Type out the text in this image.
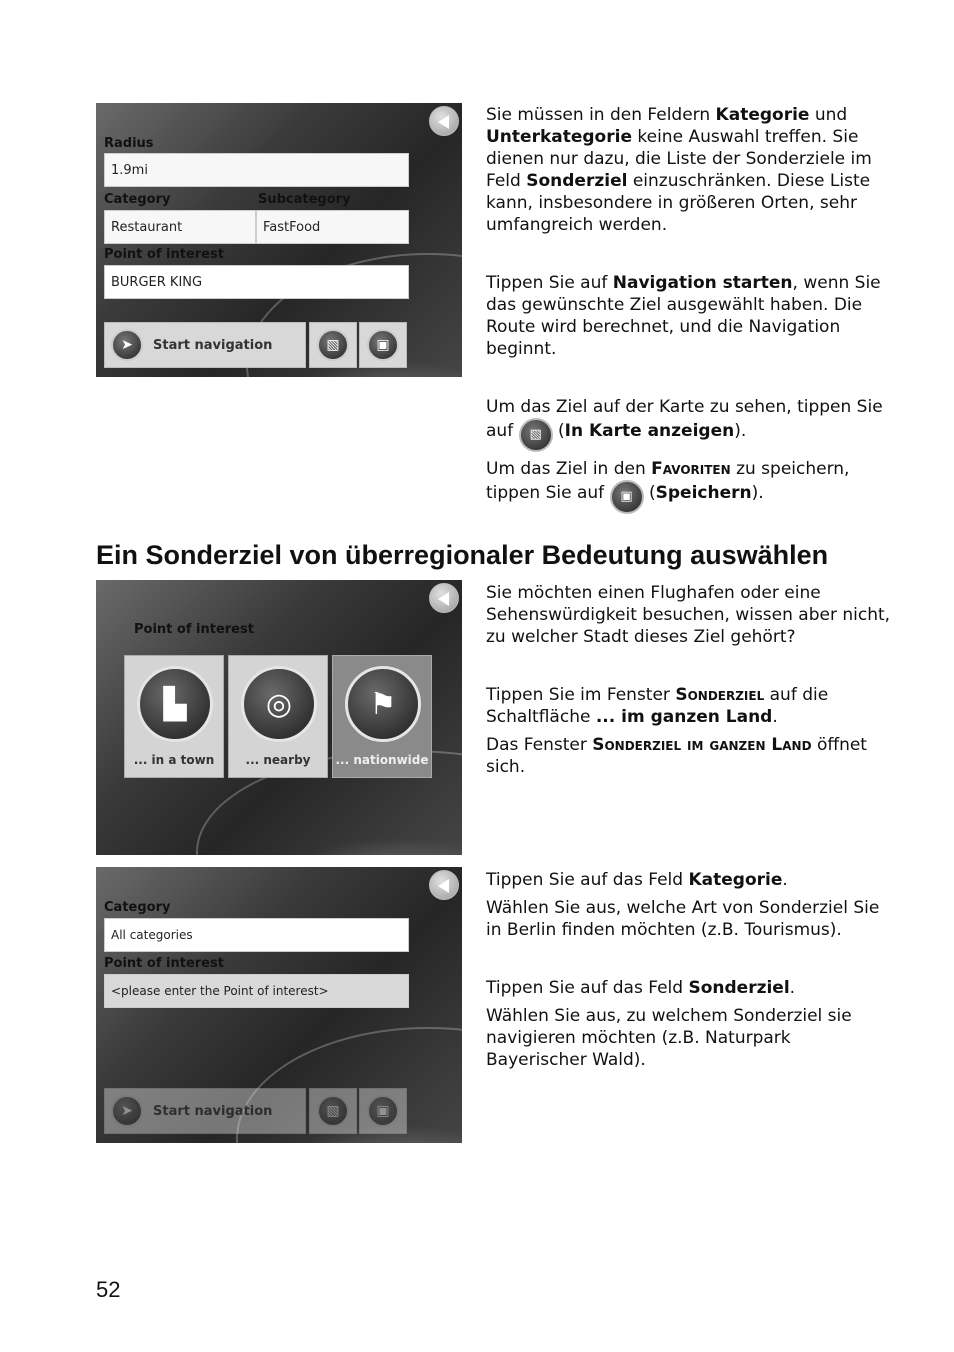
Radius
1.9mi
Category	Subcategory
Restaurant	FastFood
Point of interest
BURGER KING
➤	Start navigation	▧	▣

Sie müssen in den Feldern Kategorie und Unterkategorie keine Auswahl treffen. Sie dienen nur dazu, die Liste der Sonderziele im Feld Sonderziel einzuschränken. Diese Liste kann, insbesondere in größeren Orten, sehr umfangreich werden.

Tippen Sie auf Navigation starten, wenn Sie das gewünschte Ziel ausgewählt haben. Die Route wird berechnet, und die Navigation beginnt.

Um das Ziel auf der Karte zu sehen, tippen Sie auf ▧ (In Karte anzeigen).

Um das Ziel in den Favoriten zu speichern, tippen Sie auf ▣ (Speichern).

Ein Sonderziel von überregionaler Bedeutung auswählen
Point of interest
▙
... in a town
◎
... nearby
⚑
... nationwide

Sie möchten einen Flughafen oder eine Sehenswürdigkeit besuchen, wissen aber nicht, zu welcher Stadt dieses Ziel gehört?

Tippen Sie im Fenster Sonderziel auf die Schaltfläche ... im ganzen Land.

Das Fenster Sonderziel im ganzen Land öffnet sich.

Category
All categories
Point of interest
<please enter the Point of interest>
➤	Start navigation	▧	▣

Tippen Sie auf das Feld Kategorie.

Wählen Sie aus, welche Art von Sonderziel Sie in Berlin finden möchten (z.B. Tourismus).

Tippen Sie auf das Feld Sonderziel.

Wählen Sie aus, zu welchem Sonderziel sie navigieren möchten (z.B. Naturpark Bayerischer Wald).

52
